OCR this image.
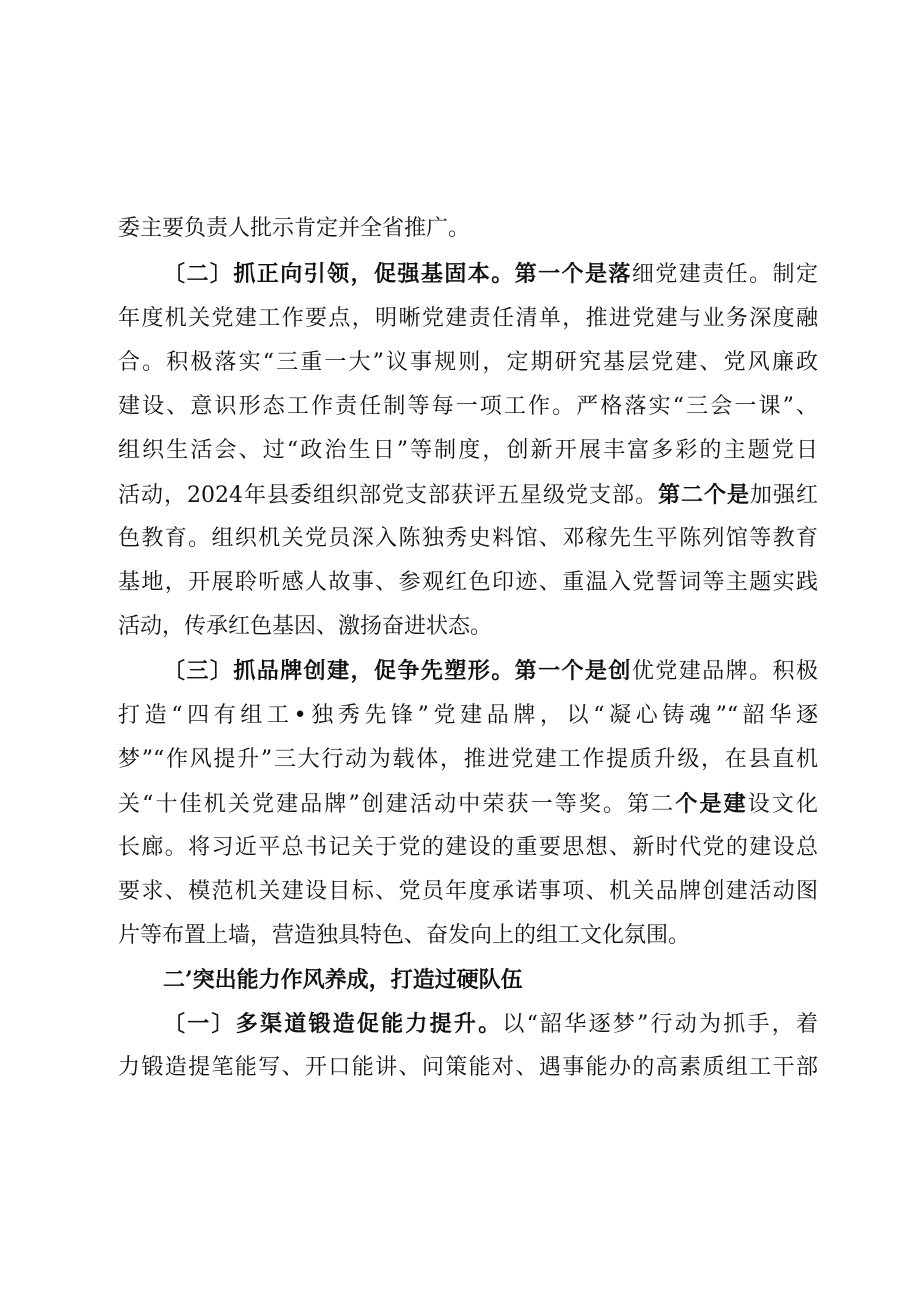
委主要负责人批示肯定并全省推广。
〔二〕抓正向引领，促强基固本。第一个是落细党建责任。制定
年度机关党建工作要点，明晰党建责任清单，推进党建与业务深度融
合。积极落实“三重一大”议事规则，定期研究基层党建、党风廉政
建设、意识形态工作责任制等每一项工作。严格落实“三会一课”、
组织生活会、过“政治生日”等制度，创新开展丰富多彩的主题党日
活动，2024年县委组织部党支部获评五星级党支部。第二个是加强红
色教育。组织机关党员深入陈独秀史料馆、邓稼先生平陈列馆等教育
基地，开展聆听感人故事、参观红色印迹、重温入党誓词等主题实践
活动，传承红色基因、激扬奋进状态。
〔三〕抓品牌创建，促争先塑形。第一个是创优党建品牌。积极
打造“四有组工•独秀先锋”党建品牌，以“凝心铸魂”“韶华逐
梦”“作风提升”三大行动为载体，推进党建工作提质升级，在县直机
关“十佳机关党建品牌”创建活动中荣获一等奖。第二个是建设文化
长廊。将习近平总书记关于党的建设的重要思想、新时代党的建设总
要求、模范机关建设目标、党员年度承诺事项、机关品牌创建活动图
片等布置上墙，营造独具特色、奋发向上的组工文化氛围。
二’突出能力作风养成，打造过硬队伍
〔一〕多渠道锻造促能力提升。以“韶华逐梦”行动为抓手，着
力锻造提笔能写、开口能讲、问策能对、遇事能办的高素质组工干部
